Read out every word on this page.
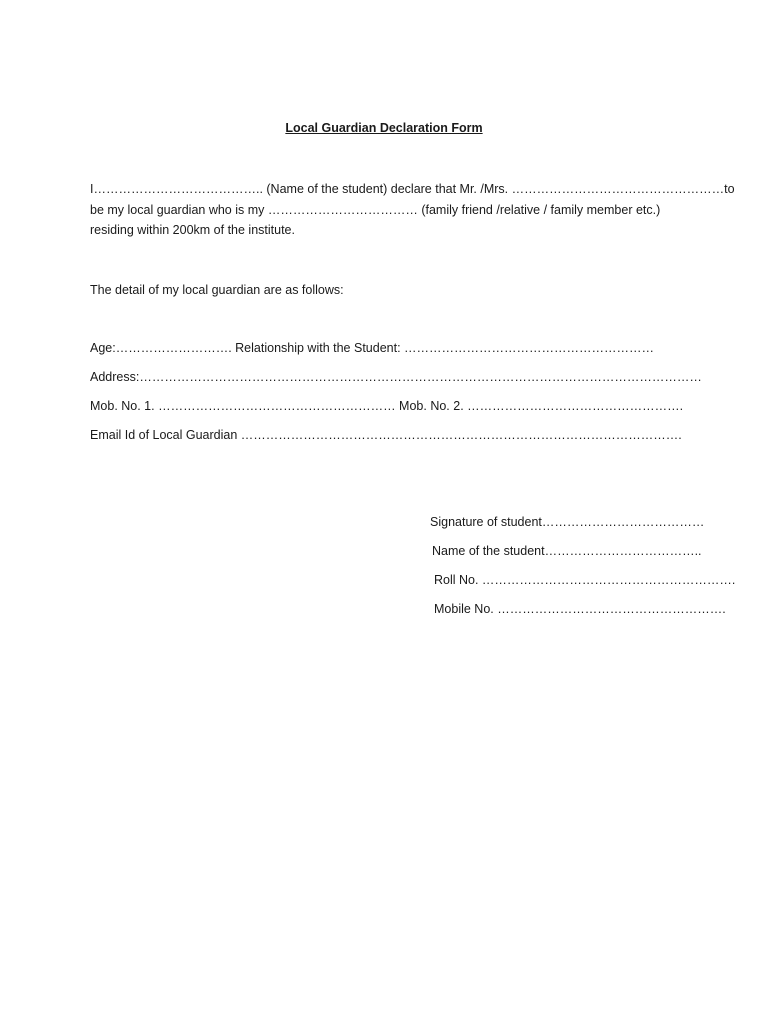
Local Guardian Declaration Form
I………………………………….. (Name of the student) declare that Mr. /Mrs. ……………………………………………to
be my local guardian who is my ……………………………… (family friend /relative / family member etc.)
residing within 200km of the institute.
The detail of my local guardian are as follows:
Age:………………………. Relationship with the Student: ……………………………………………………
Address:………………………………………………………………………………………………………………………
Mob. No. 1. ………………………………………………… Mob. No. 2. …………………………………………….
Email Id of Local Guardian …………………………………………………………………………………………….
Signature of student…………………………………
Name of the student………………………………..
Roll No. …………………………………………………….
Mobile No. ……………………………………………….
